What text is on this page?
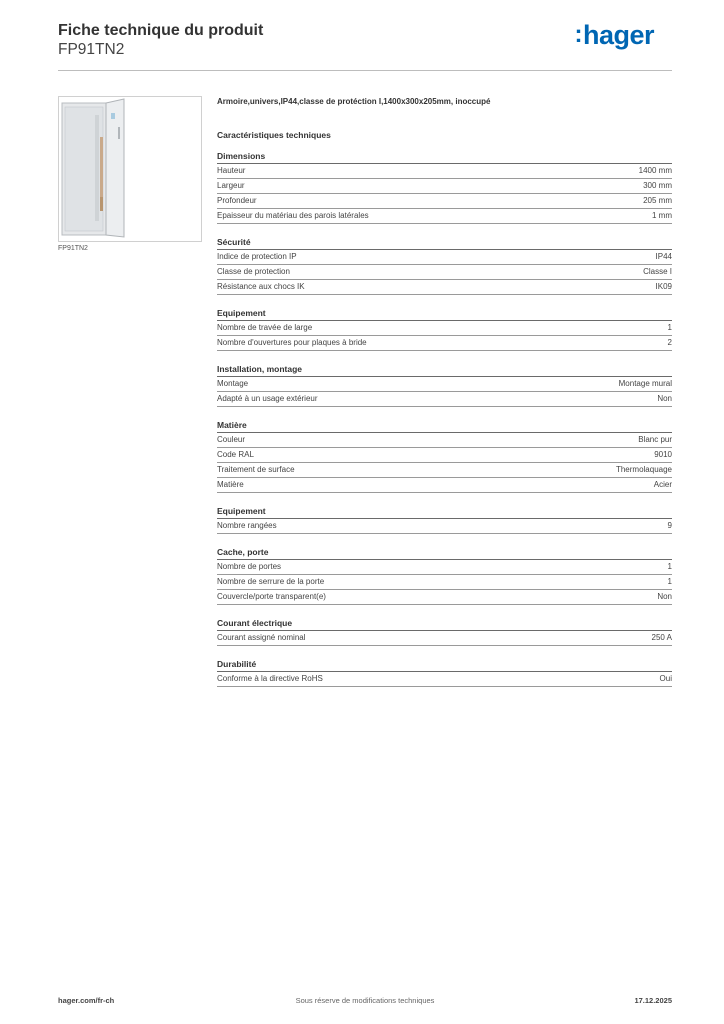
Fiche technique du produit
FP91TN2
:hager
FP91TN2
Armoire,univers,IP44,classe de protéction I,1400x300x205mm, inoccupé
Caractéristiques techniques
Dimensions
Hauteur	1400 mm
Largeur	300 mm
Profondeur	205 mm
Epaisseur du matériau des parois latérales	1 mm
Sécurité
Indice de protection IP	IP44
Classe de protection	Classe I
Résistance aux chocs IK	IK09
Equipement
Nombre de travée de large	1
Nombre d'ouvertures pour plaques à bride	2
Installation, montage
Montage	Montage mural
Adapté à un usage extérieur	Non
Matière
Couleur	Blanc pur
Code RAL	9010
Traitement de surface	Thermolaquage
Matière	Acier
Equipement
Nombre rangées	9
Cache, porte
Nombre de portes	1
Nombre de serrure de la porte	1
Couvercle/porte transparent(e)	Non
Courant électrique
Courant assigné nominal	250 A
Durabilité
Conforme à la directive RoHS	Oui
hager.com/fr-ch	Sous réserve de modifications techniques	17.12.2025
